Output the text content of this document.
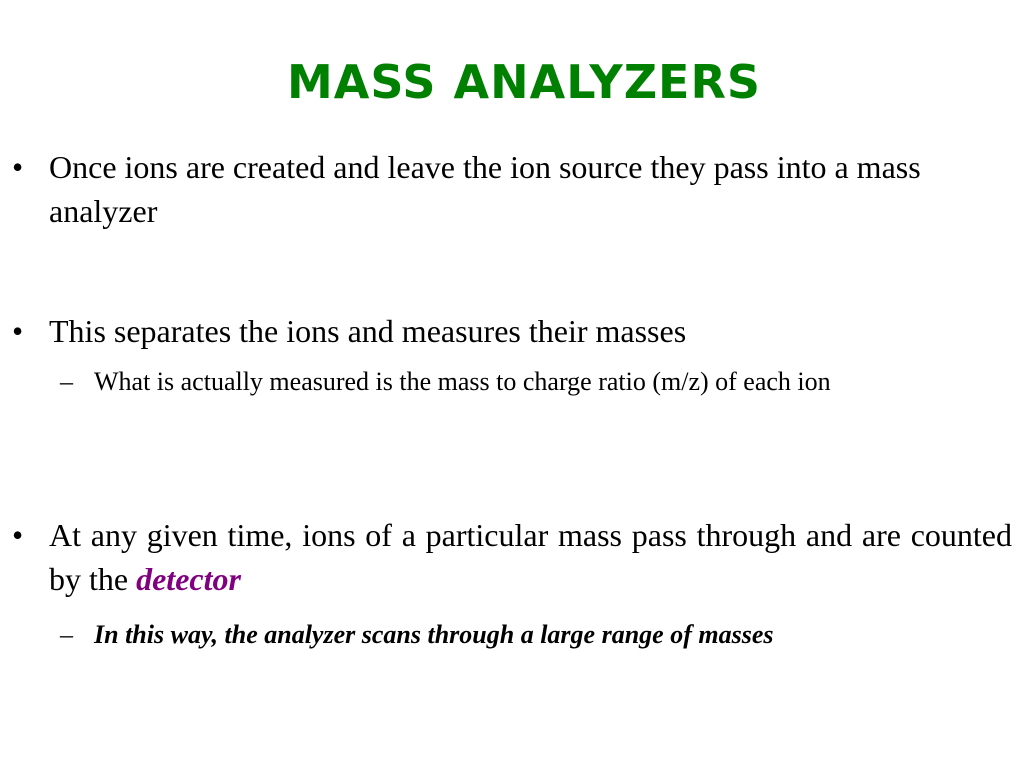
MASS ANALYZERS
• Once ions are created and leave the ion source they pass into a mass analyzer
• This separates the ions and measures their masses
– What is actually measured is the mass to charge ratio (m/z) of each ion
• At any given time, ions of a particular mass pass through and are counted by the detector
– In this way, the analyzer scans through a large range of masses
